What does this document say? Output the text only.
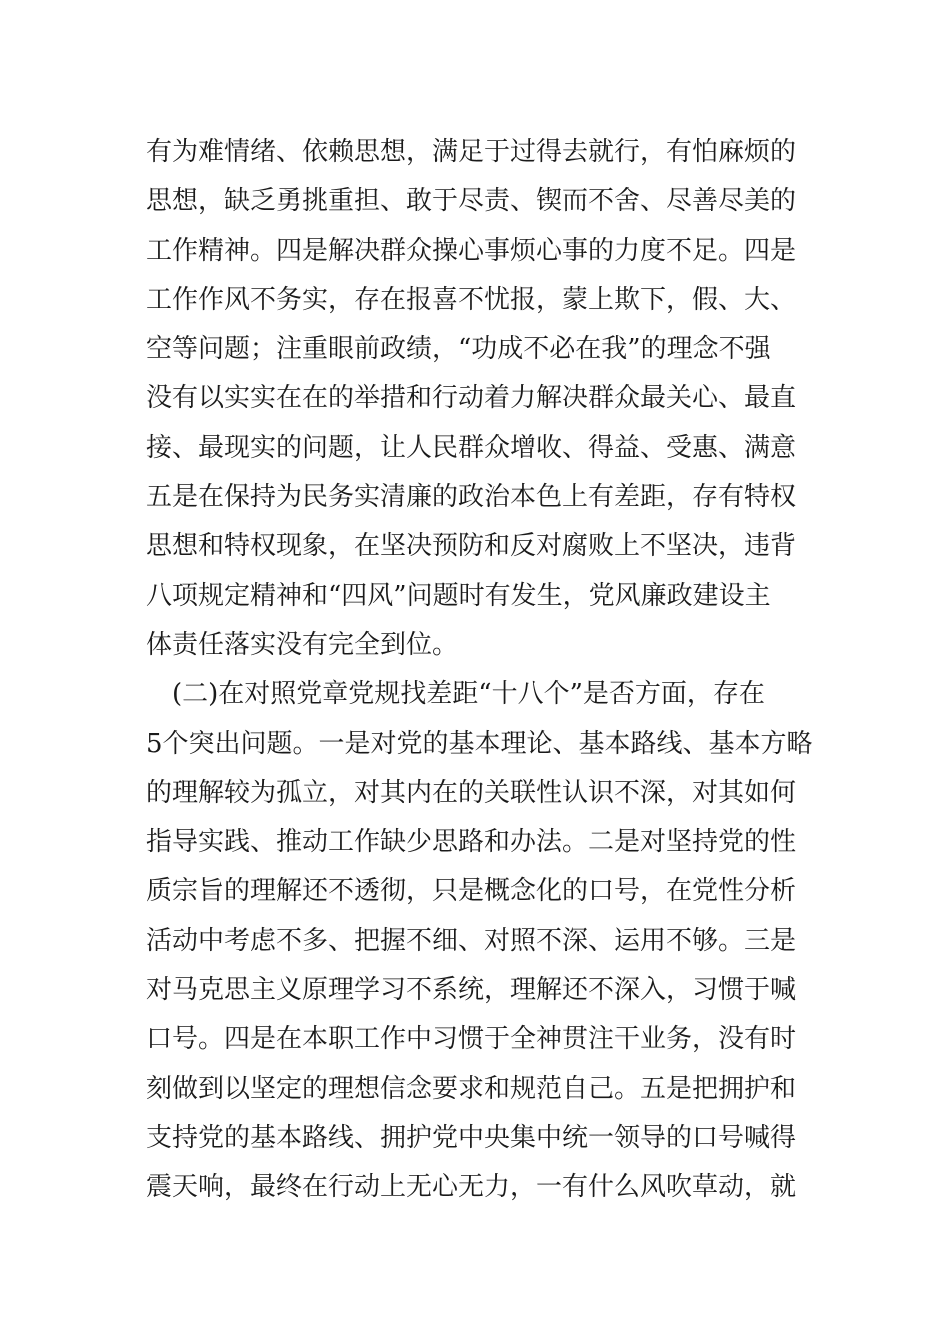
有为难情绪、依赖思想，满足于过得去就行，有怕麻烦的
思想，缺乏勇挑重担、敢于尽责、锲而不舍、尽善尽美的
工作精神。四是解决群众操心事烦心事的力度不足。四是
工作作风不务实，存在报喜不忧报，蒙上欺下，假、大、
空等问题；注重眼前政绩，“功成不必在我”的理念不强
没有以实实在在的举措和行动着力解决群众最关心、最直
接、最现实的问题，让人民群众增收、得益、受惠、满意
五是在保持为民务实清廉的政治本色上有差距，存有特权
思想和特权现象，在坚决预防和反对腐败上不坚决，违背
八项规定精神和“四风”问题时有发生，党风廉政建设主
体责任落实没有完全到位。
　(二)在对照党章党规找差距“十八个”是否方面，存在
5个突出问题。一是对党的基本理论、基本路线、基本方略
的理解较为孤立，对其内在的关联性认识不深，对其如何
指导实践、推动工作缺少思路和办法。二是对坚持党的性
质宗旨的理解还不透彻，只是概念化的口号，在党性分析
活动中考虑不多、把握不细、对照不深、运用不够。三是
对马克思主义原理学习不系统，理解还不深入，习惯于喊
口号。四是在本职工作中习惯于全神贯注干业务，没有时
刻做到以坚定的理想信念要求和规范自己。五是把拥护和
支持党的基本路线、拥护党中央集中统一领导的口号喊得
震天响，最终在行动上无心无力，一有什么风吹草动，就
